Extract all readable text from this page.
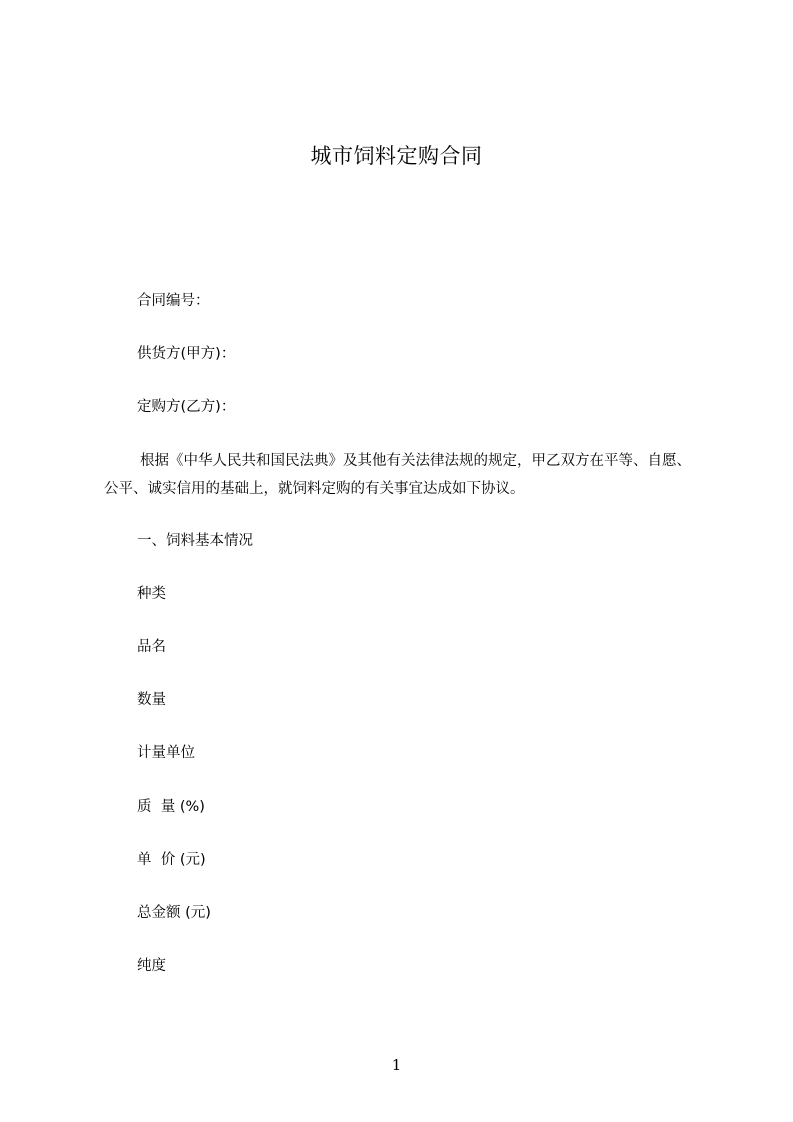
城市饲料定购合同
合同编号：
供货方(甲方)：
定购方(乙方)：
根据《中华人民共和国民法典》及其他有关法律法规的规定，甲乙双方在平等、自愿、公平、诚实信用的基础上，就饲料定购的有关事宜达成如下协议。
一、饲料基本情况
种类
品名
数量
计量单位
质  量 (%)
单  价 (元)
总金额 (元)
纯度
1
